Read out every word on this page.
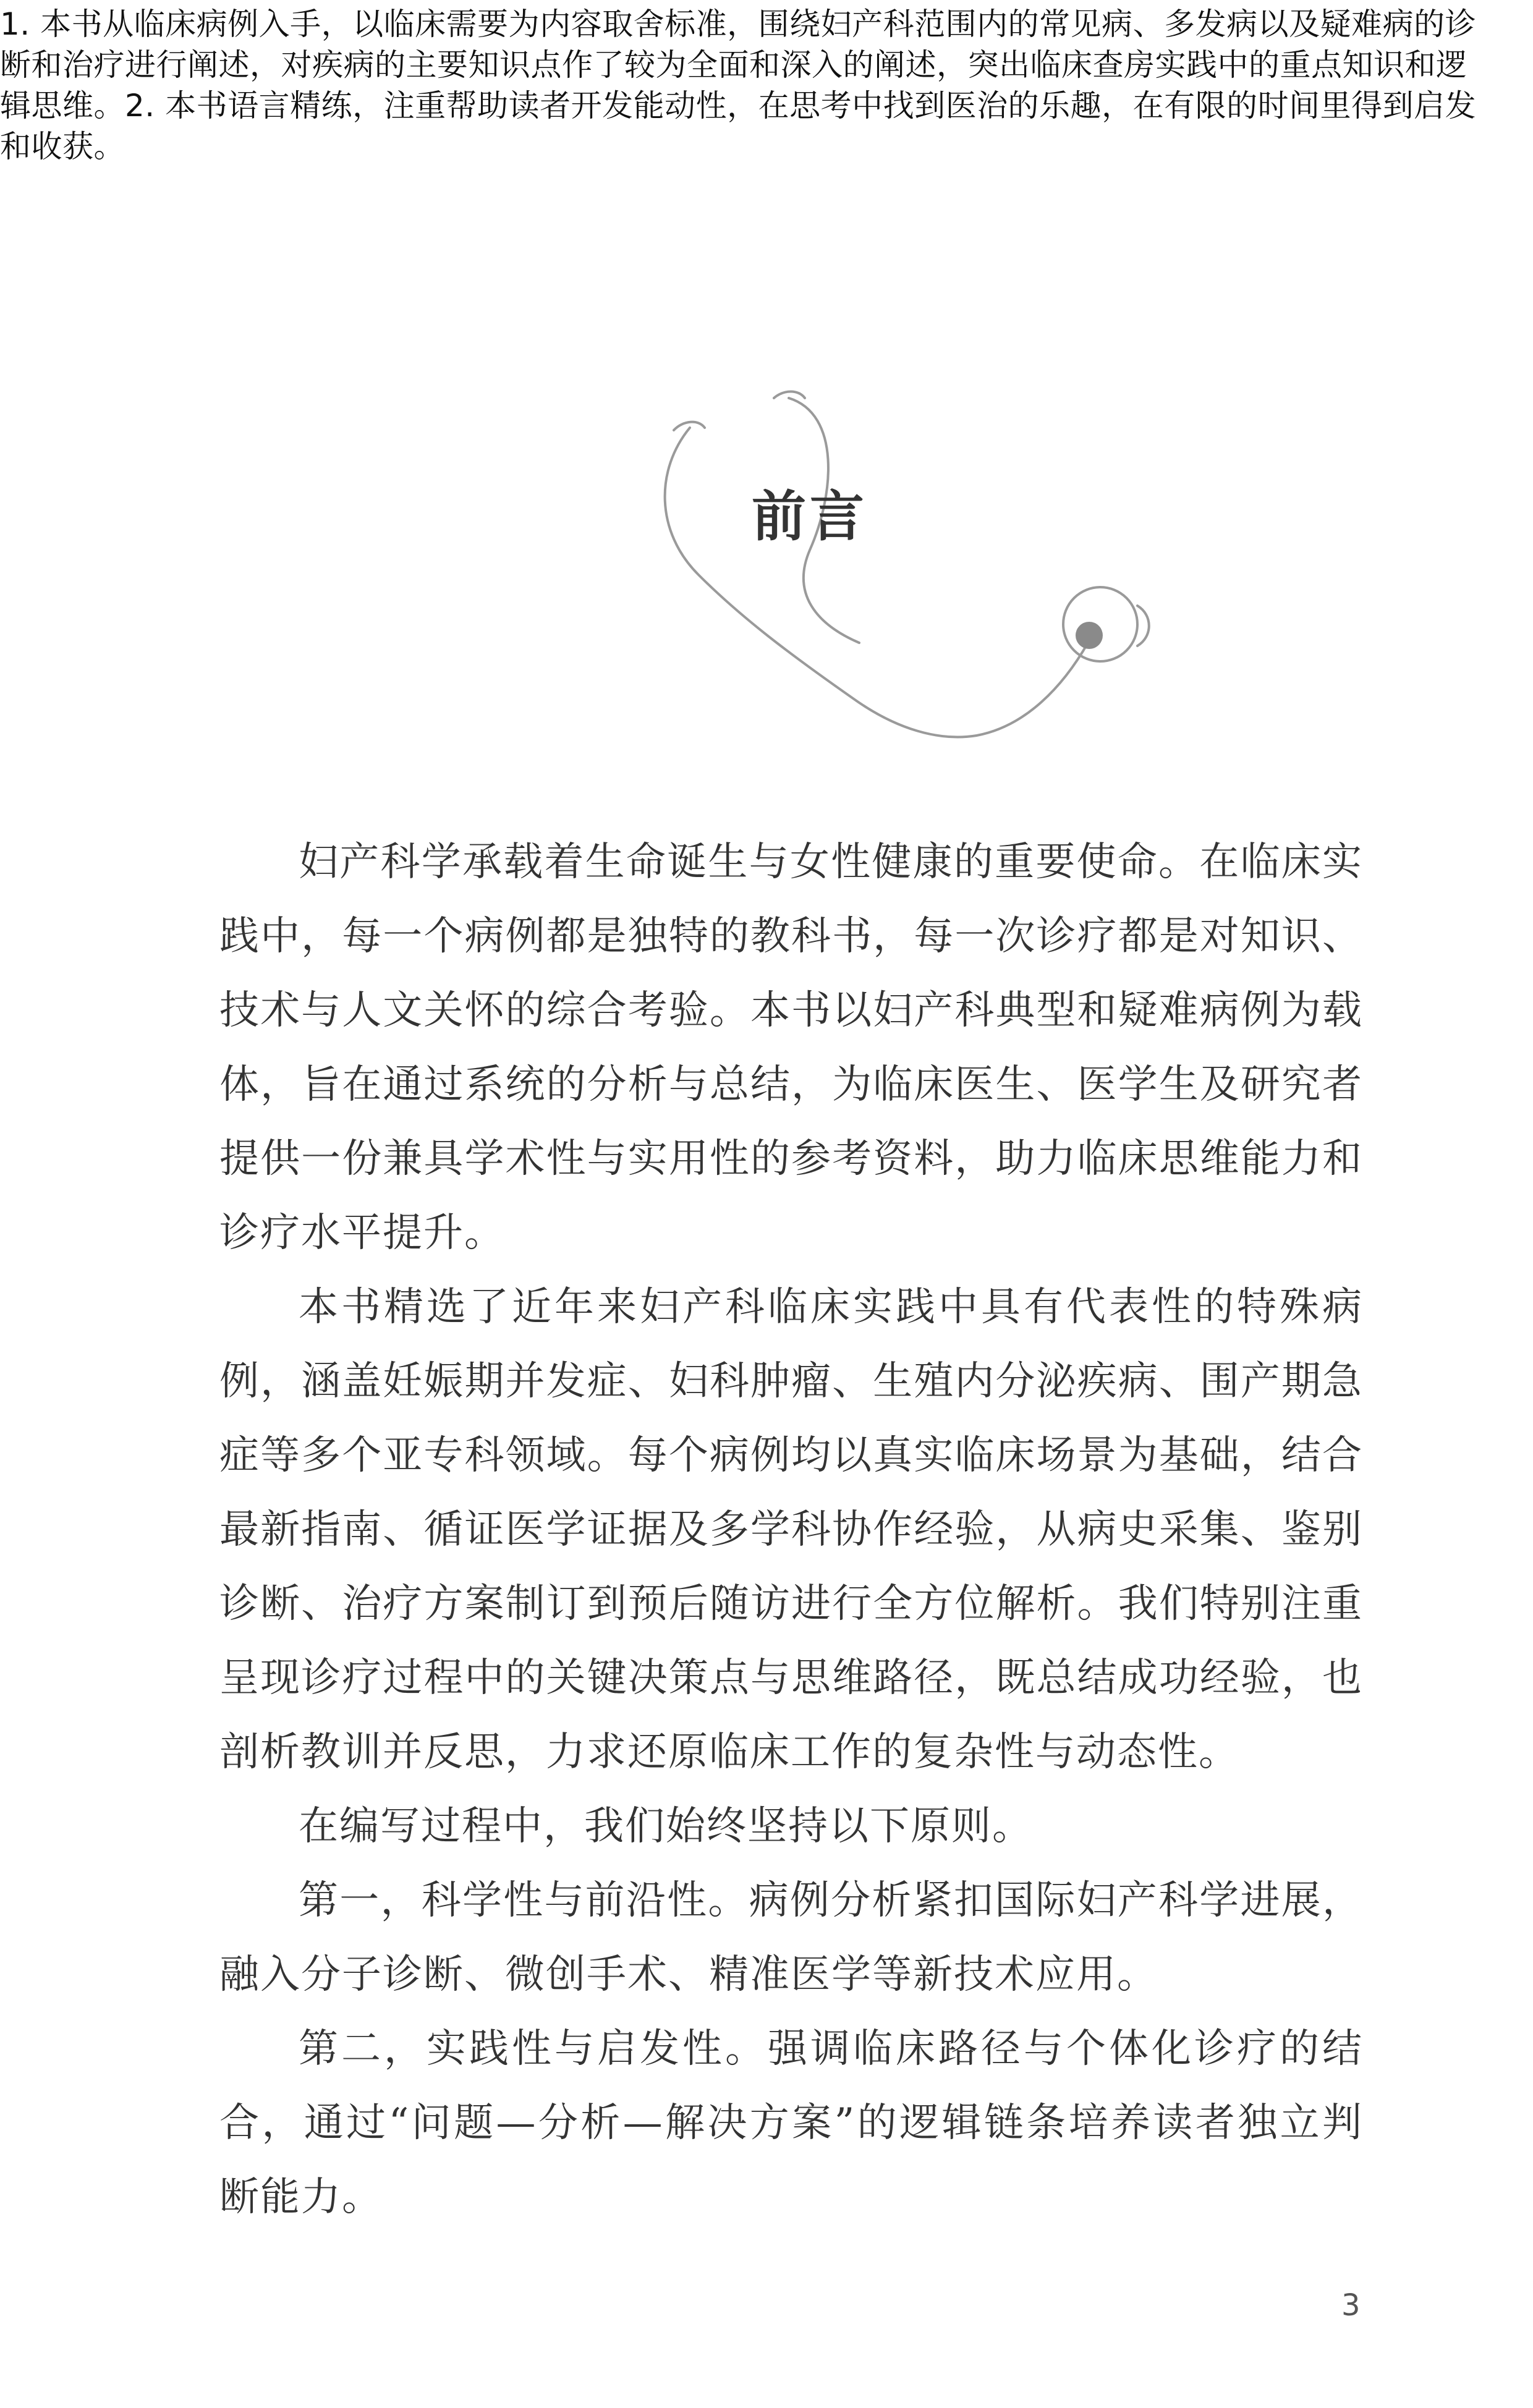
1. 本书从临床病例入手，以临床需要为内容取舍标准，围绕妇产科范围内的常见病、多发病以及疑难病的诊断和治疗进行阐述，对疾病的主要知识点作了较为全面和深入的阐述，突出临床查房实践中的重点知识和逻辑思维。2. 本书语言精练，注重帮助读者开发能动性，在思考中找到医治的乐趣，在有限的时间里得到启发和收获。
前言

妇产科学承载着生命诞生与女性健康的重要使命。在临床实践中，每一个病例都是独特的教科书，每一次诊疗都是对知识、技术与人文关怀的综合考验。本书以妇产科典型和疑难病例为载体，旨在通过系统的分析与总结，为临床医生、医学生及研究者提供一份兼具学术性与实用性的参考资料，助力临床思维能力和诊疗水平提升。

本书精选了近年来妇产科临床实践中具有代表性的特殊病例，涵盖妊娠期并发症、妇科肿瘤、生殖内分泌疾病、围产期急症等多个亚专科领域。每个病例均以真实临床场景为基础，结合最新指南、循证医学证据及多学科协作经验，从病史采集、鉴别诊断、治疗方案制订到预后随访进行全方位解析。我们特别注重呈现诊疗过程中的关键决策点与思维路径，既总结成功经验，也剖析教训并反思，力求还原临床工作的复杂性与动态性。

在编写过程中，我们始终坚持以下原则。

第一，科学性与前沿性。病例分析紧扣国际妇产科学进展，融入分子诊断、微创手术、精准医学等新技术应用。

第二，实践性与启发性。强调临床路径与个体化诊疗的结合，通过“问题—分析—解决方案”的逻辑链条培养读者独立判断能力。

3
